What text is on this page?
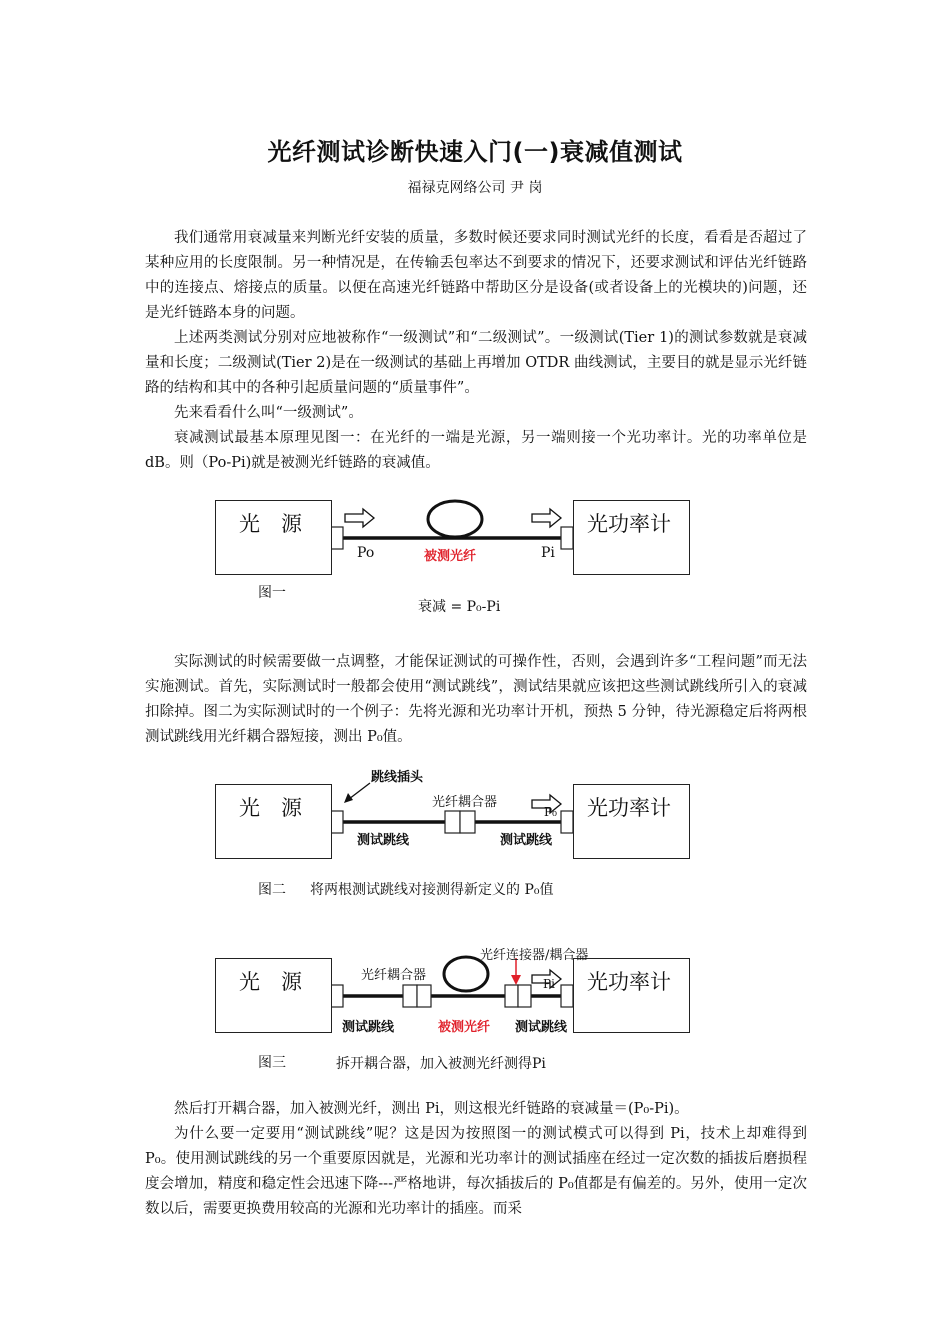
光纤测试诊断快速入门(一)衰减值测试
福禄克网络公司 尹 岗

我们通常用衰减量来判断光纤安装的质量，多数时候还要求同时测试光纤的长度，看看是否超过了某种应用的长度限制。另一种情况是，在传输丢包率达不到要求的情况下，还要求测试和评估光纤链路中的连接点、熔接点的质量。以便在高速光纤链路中帮助区分是设备(或者设备上的光模块的)问题，还是光纤链路本身的问题。

上述两类测试分别对应地被称作“一级测试”和“二级测试”。一级测试(Tier 1)的测试参数就是衰减量和长度；二级测试(Tier 2)是在一级测试的基础上再增加 OTDR 曲线测试，主要目的就是显示光纤链路的结构和其中的各种引起质量问题的“质量事件”。

先来看看什么叫“一级测试”。

衰减测试最基本原理见图一：在光纤的一端是光源，另一端则接一个光功率计。光的功率单位是 dB。则（Po-Pi)就是被测光纤链路的衰减值。

光　源	光功率计
Po	Pi
被测光纤
图一
衰减 = P₀-Pi

实际测试的时候需要做一点调整，才能保证测试的可操作性，否则，会遇到许多“工程问题”而无法实施测试。首先，实际测试时一般都会使用“测试跳线”，测试结果就应该把这些测试跳线所引入的衰减扣除掉。图二为实际测试时的一个例子：先将光源和光功率计开机，预热 5 分钟，待光源稳定后将两根测试跳线用光纤耦合器短接，测出 P₀值。

光　源	光功率计
跳线插头
光纤耦合器
P₀
测试跳线	测试跳线
图二 将两根测试跳线对接测得新定义的 P₀值
光　源	光功率计
光纤耦合器
光纤连接器/耦合器
Pi
测试跳线	被测光纤 测试跳线
图三	拆开耦合器，加入被测光纤测得Pi

然后打开耦合器，加入被测光纤，测出 Pi，则这根光纤链路的衰减量＝(P₀-Pi)。

为什么要一定要用“测试跳线”呢？这是因为按照图一的测试模式可以得到 Pi，技术上却难得到 P₀。使用测试跳线的另一个重要原因就是，光源和光功率计的测试插座在经过一定次数的插拔后磨损程度会增加，精度和稳定性会迅速下降---严格地讲，每次插拔后的 P₀值都是有偏差的。另外，使用一定次数以后，需要更换费用较高的光源和光功率计的插座。而采
